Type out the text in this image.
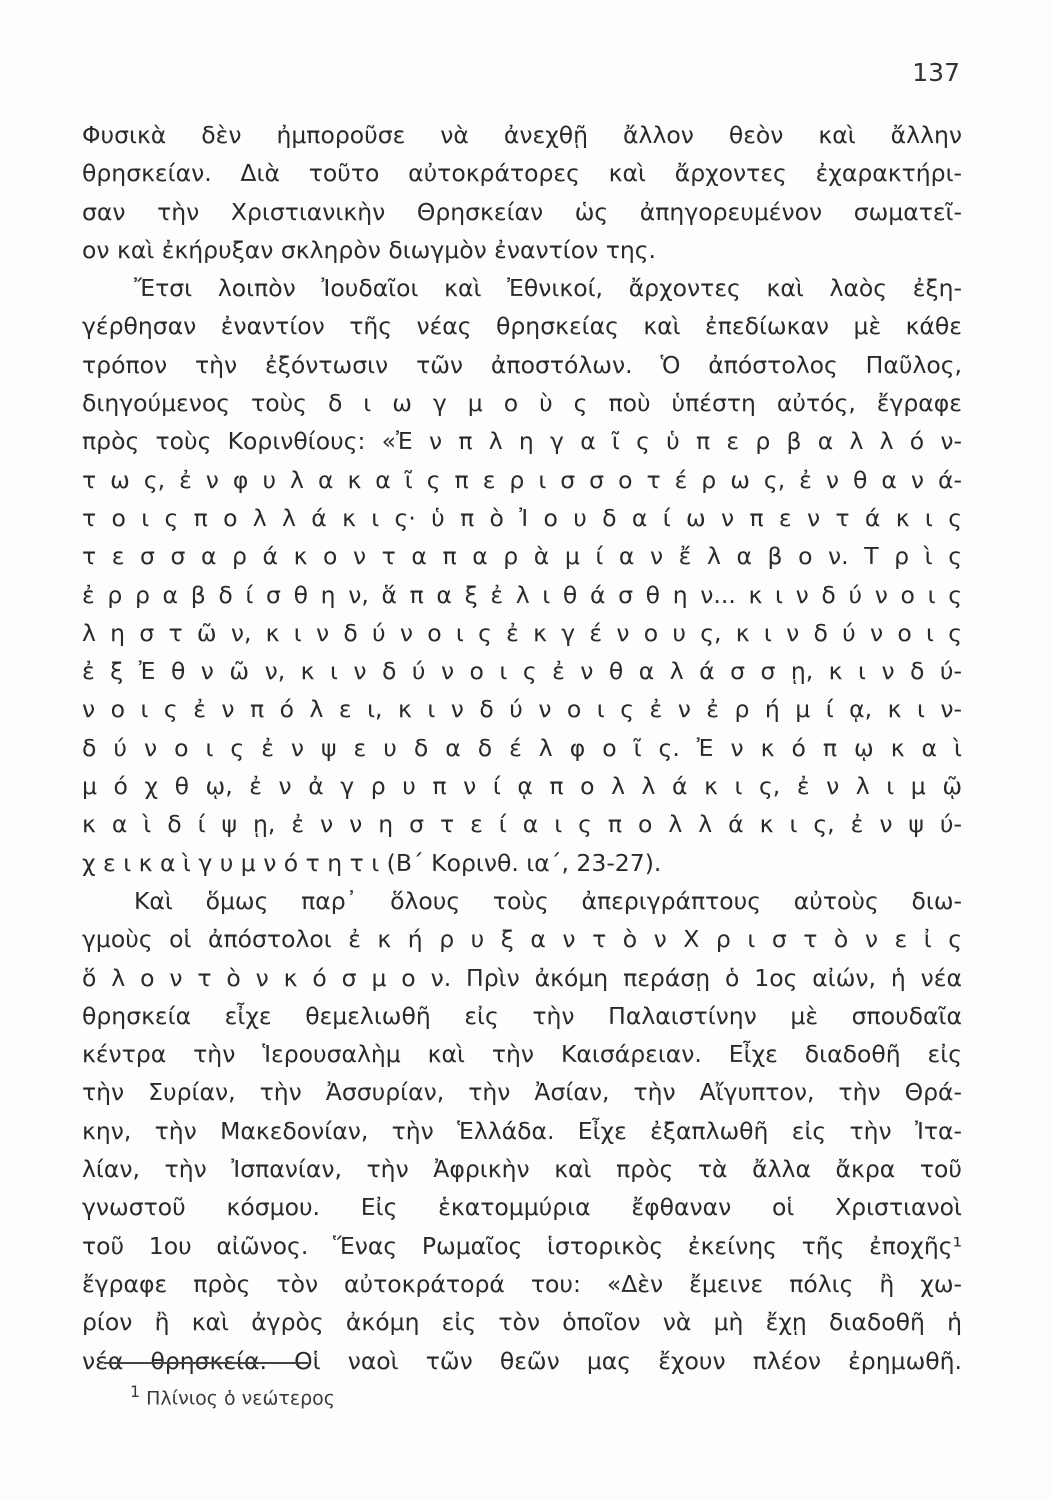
137
Φυσικὰ δὲν ἠμποροῦσε νὰ ἀνεχθῇ ἄλλον θεὸν καὶ ἄλλην
θρησκείαν. Διὰ τοῦτο αὐτοκράτορες καὶ ἄρχοντες ἐχαρακτήρι-
σαν τὴν Χριστιανικὴν Θρησκείαν ὡς ἀπηγορευμένον σωματεῖ-
ον καὶ ἐκήρυξαν σκληρὸν διωγμὸν ἐναντίον της.
Ἔτσι λοιπὸν Ἰουδαῖοι καὶ Ἐθνικοί, ἄρχοντες καὶ λαὸς ἐξη-
γέρθησαν ἐναντίον τῆς νέας θρησκείας καὶ ἐπεδίωκαν μὲ κάθε
τρόπον τὴν ἐξόντωσιν τῶν ἀποστόλων. Ὁ ἀπόστολος Παῦλος,
διηγούμενος τοὺς δ ι ω γ μ ο ὺ ς ποὺ ὑπέστη αὐτός, ἔγραφε
πρὸς τοὺς Κορινθίους: «Ἐ ν π λ η γ α ῖ ς ὑ π ε ρ β α λ λ ό ν-
τ ω ς, ἐ ν φ υ λ α κ α ῖ ς π ε ρ ι σ σ ο τ έ ρ ω ς, ἐ ν θ α ν ά-
τ ο ι ς π ο λ λ ά κ ι ς· ὑ π ὸ Ἰ ο υ δ α ί ω ν π ε ν τ ά κ ι ς
τ ε σ σ α ρ ά κ ο ν τ α π α ρ ὰ μ ί α ν ἔ λ α β ο ν. Τ ρ ὶ ς
ἐ ρ ρ α β δ ί σ θ η ν, ἅ π α ξ ἐ λ ι θ ά σ θ η ν... κ ι ν δ ύ ν ο ι ς
λ η σ τ ῶ ν, κ ι ν δ ύ ν ο ι ς ἐ κ γ έ ν ο υ ς, κ ι ν δ ύ ν ο ι ς
ἐ ξ Ἐ θ ν ῶ ν, κ ι ν δ ύ ν ο ι ς ἐ ν θ α λ ά σ σ ῃ, κ ι ν δ ύ-
ν ο ι ς ἐ ν π ό λ ε ι, κ ι ν δ ύ ν ο ι ς ἐ ν ἐ ρ ή μ ί ᾳ, κ ι ν-
δ ύ ν ο ι ς ἐ ν ψ ε υ δ α δ έ λ φ ο ῖ ς. Ἐ ν κ ό π ῳ κ α ὶ
μ ό χ θ ῳ, ἐ ν ἀ γ ρ υ π ν ί ᾳ π ο λ λ ά κ ι ς, ἐ ν λ ι μ ῷ
κ α ὶ δ ί ψ ῃ, ἐ ν ν η σ τ ε ί α ι ς π ο λ λ ά κ ι ς, ἐ ν ψ ύ-
χ ε ι κ α ὶ γ υ μ ν ό τ η τ ι (Β΄ Κορινθ. ια΄, 23-27).
Καὶ ὅμως παρ᾿ ὅλους τοὺς ἀπεριγράπτους αὐτοὺς διω-
γμοὺς οἱ ἀπόστολοι ἐ κ ή ρ υ ξ α ν τ ὸ ν Χ ρ ι σ τ ὸ ν ε ἰ ς
ὅ λ ο ν τ ὸ ν κ ό σ μ ο ν. Πρὶν ἀκόμη περάσῃ ὁ 1ος αἰών, ἡ νέα
θρησκεία εἶχε θεμελιωθῆ εἰς τὴν Παλαιστίνην μὲ σπουδαῖα
κέντρα τὴν Ἱερουσαλὴμ καὶ τὴν Καισάρειαν. Εἶχε διαδοθῆ εἰς
τὴν Συρίαν, τὴν Ἀσσυρίαν, τὴν Ἀσίαν, τὴν Αἴγυπτον, τὴν Θρά-
κην, τὴν Μακεδονίαν, τὴν Ἑλλάδα. Εἶχε ἐξαπλωθῆ εἰς τὴν Ἰτα-
λίαν, τὴν Ἰσπανίαν, τὴν Ἀφρικὴν καὶ πρὸς τὰ ἄλλα ἄκρα τοῦ
γνωστοῦ κόσμου. Εἰς ἑκατομμύρια ἔφθαναν οἱ Χριστιανοὶ
τοῦ 1ου αἰῶνος. Ἕνας Ρωμαῖος ἱστορικὸς ἐκείνης τῆς ἐποχῆς¹
ἔγραφε πρὸς τὸν αὐτοκράτορά του: «Δὲν ἔμεινε πόλις ἢ χω-
ρίον ἢ καὶ ἀγρὸς ἀκόμη εἰς τὸν ὁποῖον νὰ μὴ ἔχῃ διαδοθῆ ἡ
νέα θρησκεία. Οἱ ναοὶ τῶν θεῶν μας ἔχουν πλέον ἐρημωθῆ.
$^1$ Πλίνιος ὁ νεώτερος
